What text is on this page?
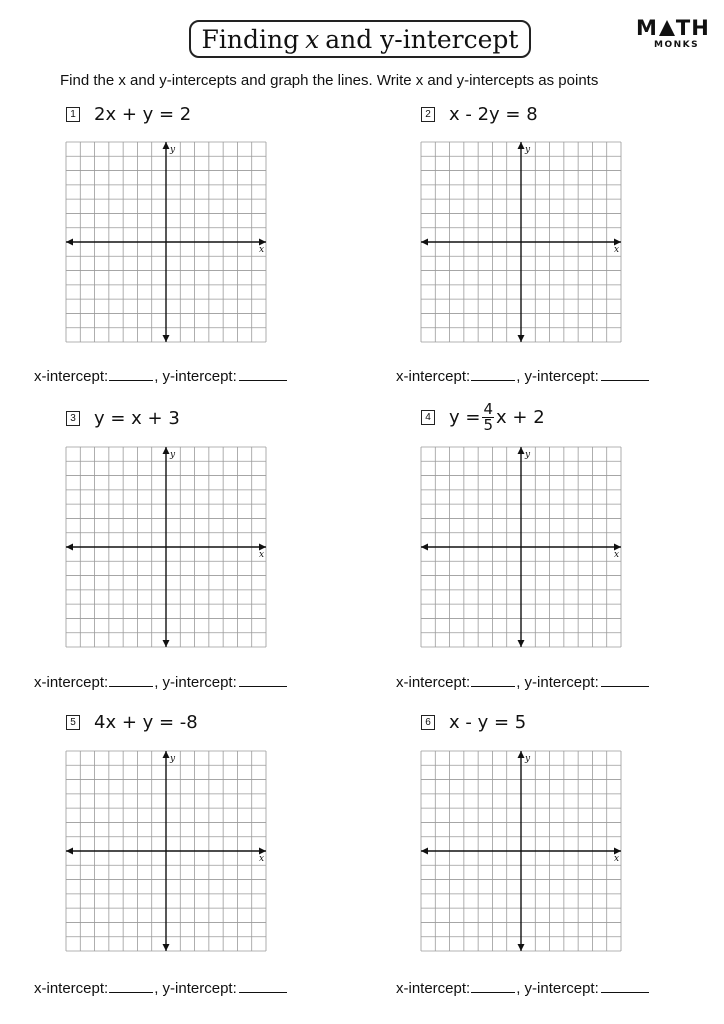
Finding x and y-intercept	M TH
MONKS
Find the x and y-intercepts and graph the lines. Write x and y-intercepts as points
1 2x + y = 2	2 x - 2y = 8
3 y = x + 3	4 $y = \frac{4}{5}$ x + 2
5 4x + y = -8	6 x - y = 5
y
x
y
x
y
x
y
x
y
x
y
x
x-intercept:	, y-intercept:	x-intercept:	, y-intercept:
x-intercept:	, y-intercept:	x-intercept:	, y-intercept:
x-intercept:	, y-intercept:	x-intercept:	, y-intercept:
